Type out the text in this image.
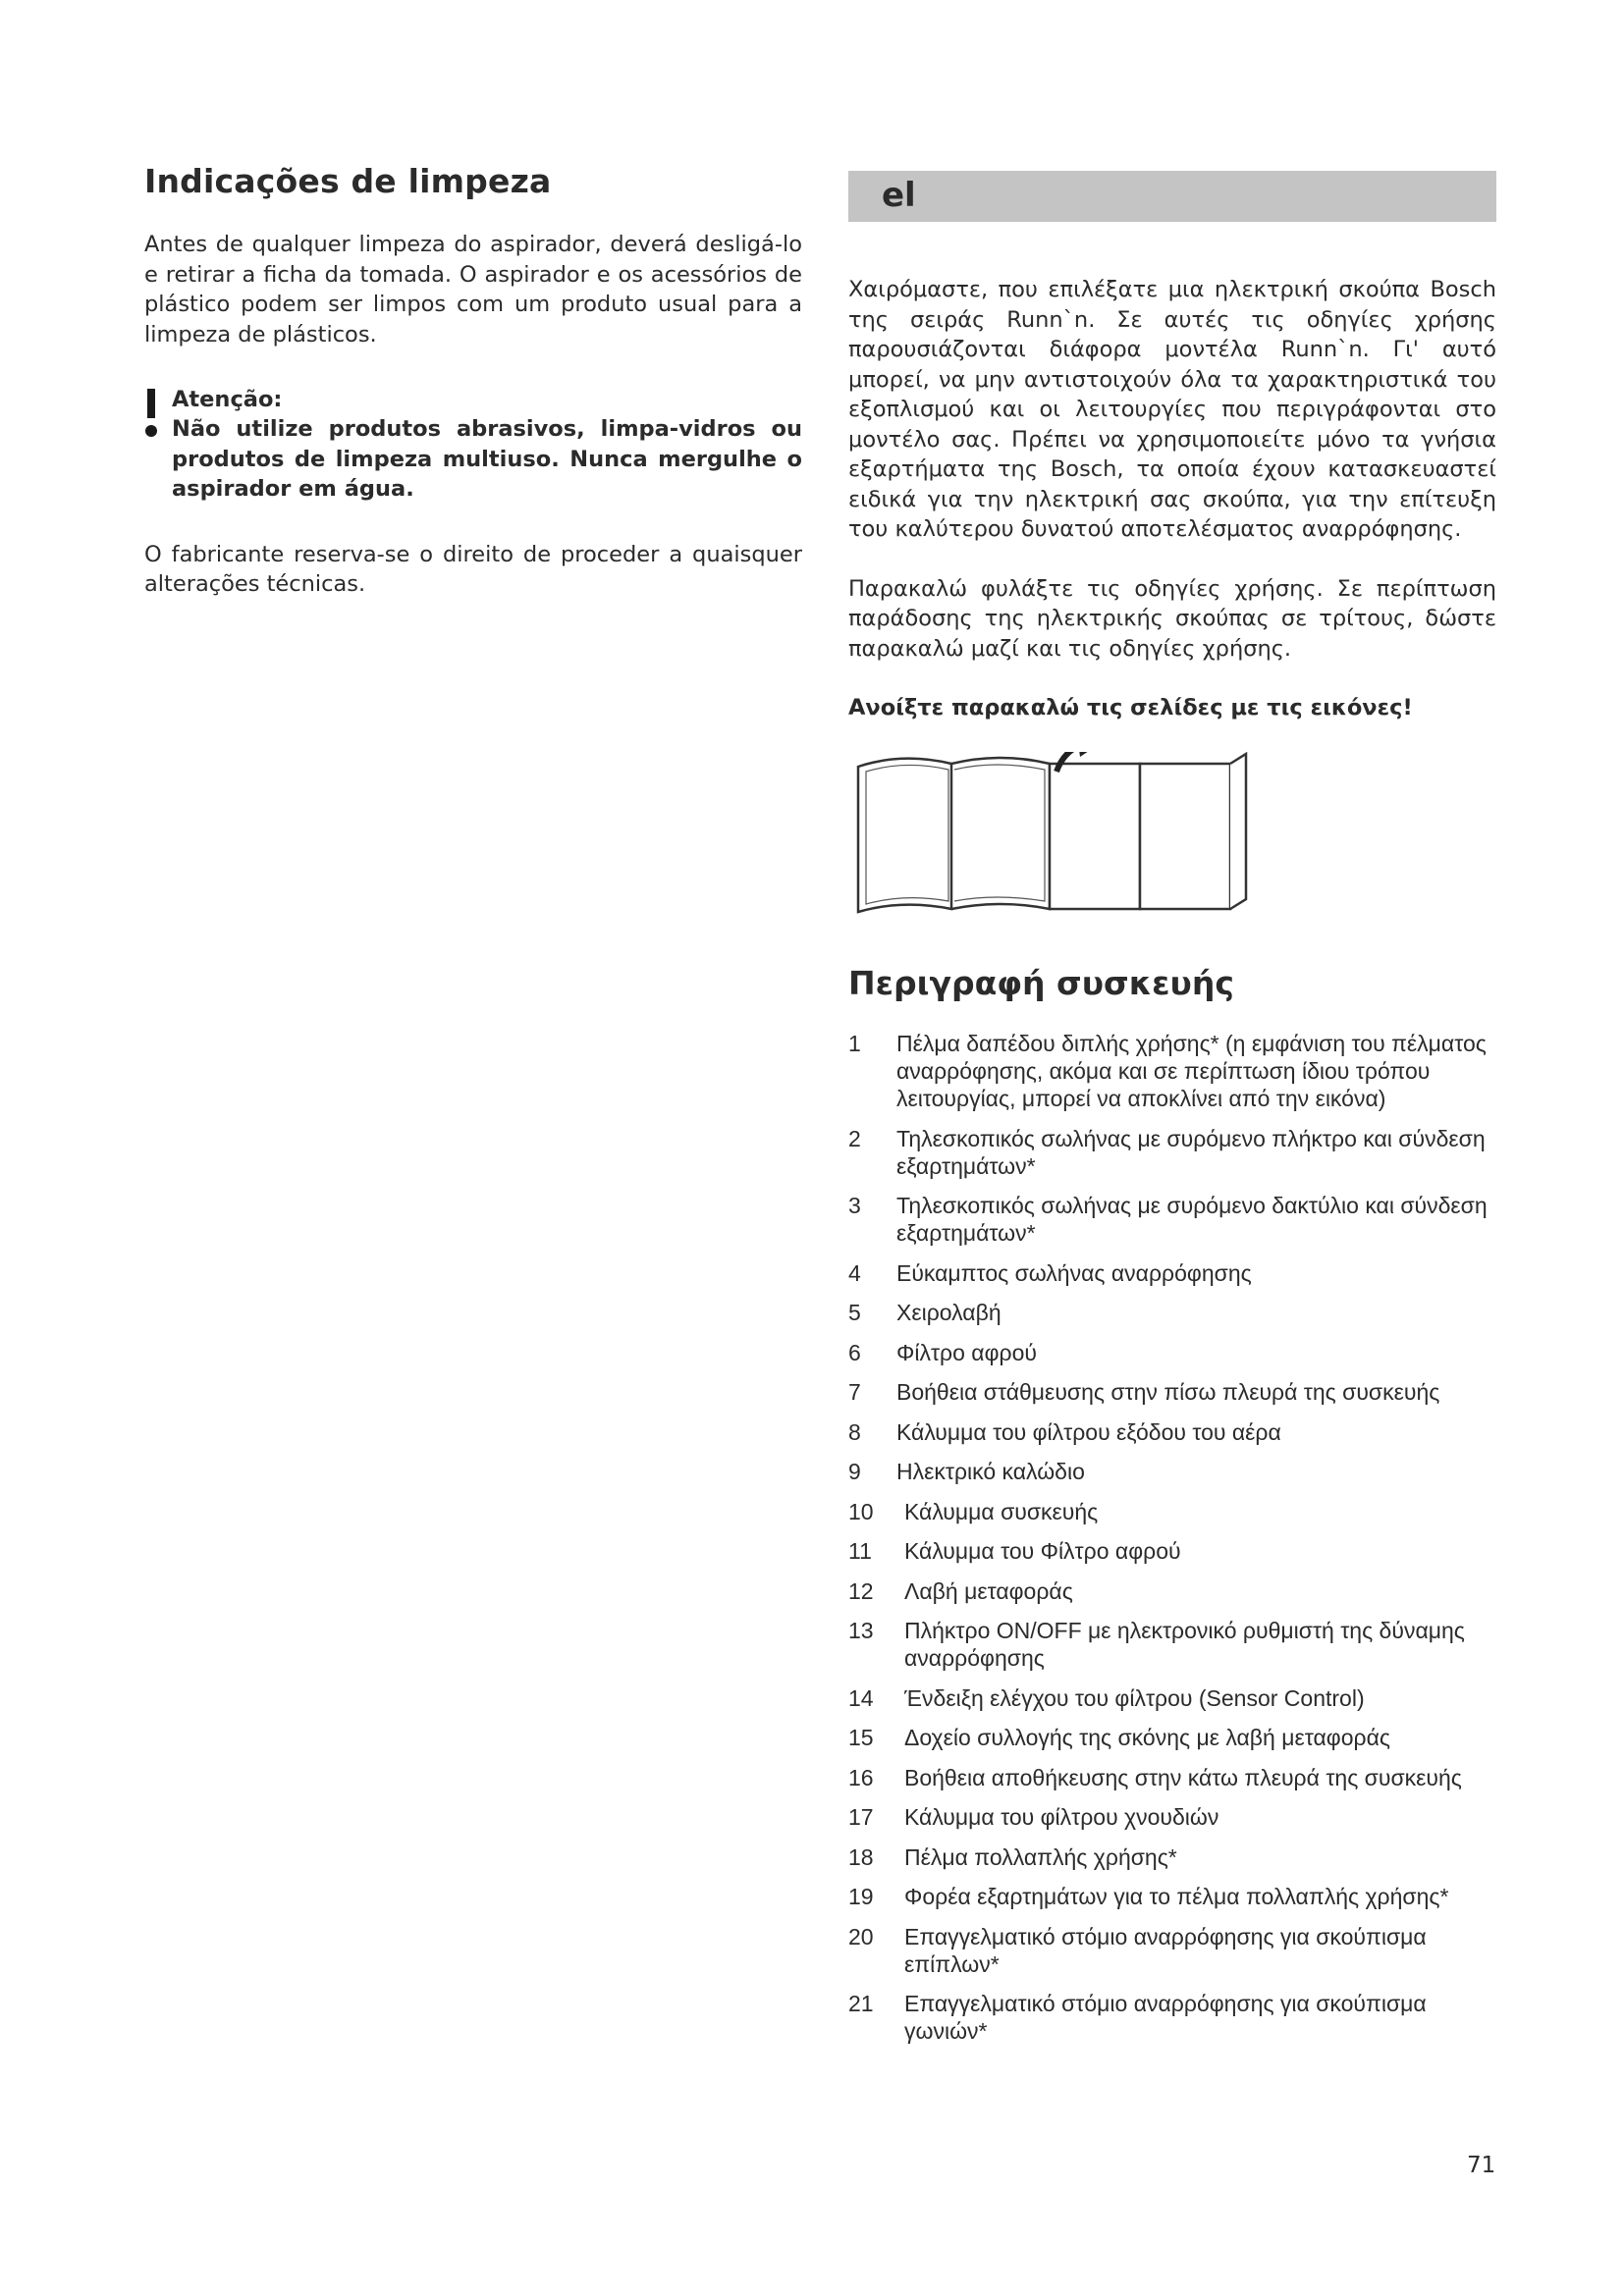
Indicações de limpeza

Antes de qualquer limpeza do aspirador, deverá desligá-lo e retirar a ficha da tomada. O aspirador e os acessórios de plástico podem ser limpos com um produto usual para a limpeza de plásticos.

Atenção:

Não utilize produtos abrasivos, limpa-vidros ou produtos de limpeza multiuso. Nunca mergulhe o aspirador em água.

O fabricante reserva-se o direito de proceder a quaisquer alterações técnicas.

el

Χαιρόμαστε, που επιλέξατε μια ηλεκτρική σκούπα Bosch της σειράς Runn`n. Σε αυτές τις οδηγίες χρήσης παρουσιάζονται διάφορα μοντέλα Runn`n. Γι' αυτό μπορεί, να μην αντιστοιχούν όλα τα χαρακτηριστικά του εξοπλισμού και οι λειτουργίες που περιγράφονται στο μοντέλο σας. Πρέπει να χρησιμοποιείτε μόνο τα γνήσια εξαρτήματα της Bosch, τα οποία έχουν κατασκευαστεί ειδικά για την ηλεκτρική σας σκούπα, για την επίτευξη του καλύτερου δυνατού αποτελέσματος αναρρόφησης.

Παρακαλώ φυλάξτε τις οδηγίες χρήσης. Σε περίπτωση παράδοσης της ηλεκτρικής σκούπας σε τρίτους, δώστε παρακαλώ μαζί και τις οδηγίες χρήσης.

Ανοίξτε παρακαλώ τις σελίδες με τις εικόνες!

Περιγραφή συσκευής
1	Πέλμα δαπέδου διπλής χρήσης* (η εμφάνιση του πέλματος αναρρόφησης, ακόμα και σε περίπτωση ίδιου τρόπου λειτουργίας, μπορεί να αποκλίνει από την εικόνα)
2	Τηλεσκοπικός σωλήνας με συρόμενο πλήκτρο και σύνδεση εξαρτημάτων*
3	Τηλεσκοπικός σωλήνας με συρόμενο δακτύλιο και σύνδεση εξαρτημάτων*
4	Εύκαμπτος σωλήνας αναρρόφησης
5	Χειρολαβή
6	Φίλτρο αφρού
7	Βοήθεια στάθμευσης στην πίσω πλευρά της συσκευής
8	Κάλυμμα του φίλτρου εξόδου του αέρα
9	Ηλεκτρικό καλώδιο
10	Κάλυμμα συσκευής
11	Κάλυμμα του Φίλτρο αφρού
12	Λαβή μεταφοράς
13	Πλήκτρο ON/OFF με ηλεκτρονικό ρυθμιστή της δύναμης αναρρόφησης
14	Ένδειξη ελέγχου του φίλτρου (Sensor Control)
15	Δοχείο συλλογής της σκόνης με λαβή μεταφοράς
16	Βοήθεια αποθήκευσης στην κάτω πλευρά της συσκευής
17	Κάλυμμα του φίλτρου χνουδιών
18	Πέλμα πολλαπλής χρήσης*
19	Φορέα εξαρτημάτων για το πέλμα πολλαπλής χρήσης*
20	Επαγγελματικό στόμιο αναρρόφησης για σκούπισμα επίπλων*
21	Επαγγελματικό στόμιο αναρρόφησης για σκούπισμα γωνιών*
71
